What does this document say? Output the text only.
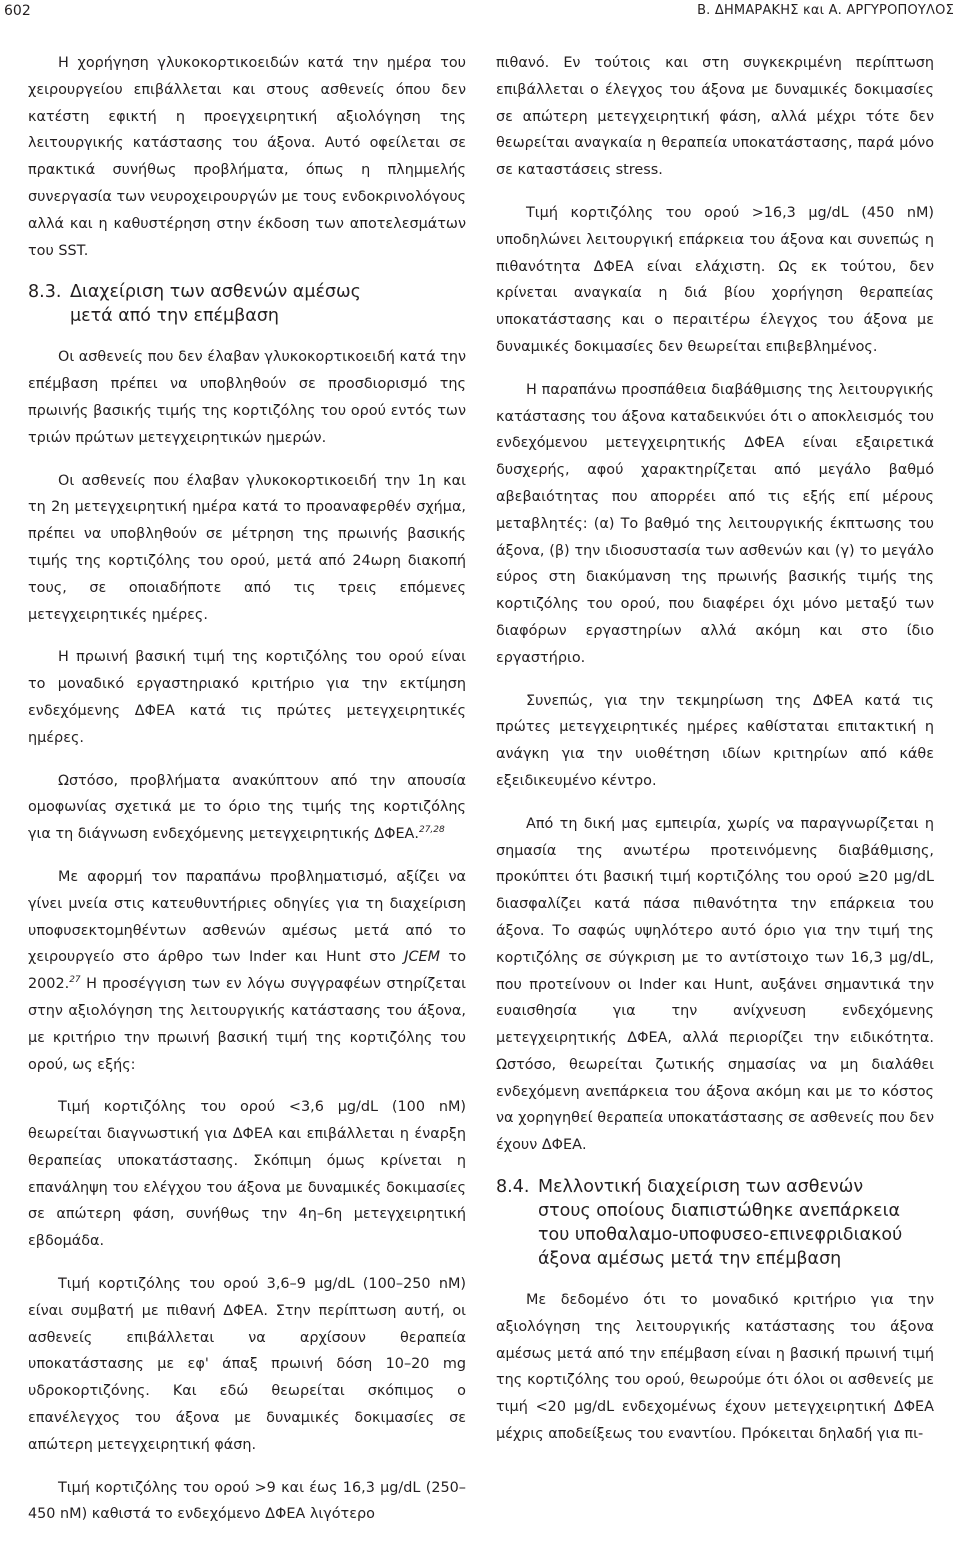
602	Β. ΔΗΜΑΡΑΚΗΣ και Α. ΑΡΓΥΡΟΠΟΥΛΟΣ

Η χορήγηση γλυκοκορτικοειδών κατά την ημέρα του χειρουργείου επιβάλλεται και στους ασθενείς όπου δεν κατέστη εφικτή η προεγχειρητική αξιολόγηση της λειτουργικής κατάστασης του άξονα. Αυτό οφείλεται σε πρακτικά συνήθως προβλήματα, όπως η πλημμελής συνεργασία των νευροχειρουργών με τους ενδοκρινολόγους αλλά και η καθυστέρηση στην έκδοση των αποτελεσμάτων του SST.

8.3. Διαχείριση των ασθενών αμέσως
μετά από την επέμβαση

Οι ασθενείς που δεν έλαβαν γλυκοκορτικοειδή κατά την επέμβαση πρέπει να υποβληθούν σε προσδιορισμό της πρωινής βασικής τιμής της κορτιζόλης του ορού εντός των τριών πρώτων μετεγχειρητικών ημερών.

Οι ασθενείς που έλαβαν γλυκοκορτικοειδή την 1η και τη 2η μετεγχειρητική ημέρα κατά το προαναφερθέν σχήμα, πρέπει να υποβληθούν σε μέτρηση της πρωινής βασικής τιμής της κορτιζόλης του ορού, μετά από 24ωρη διακοπή τους, σε οποιαδήποτε από τις τρεις επόμενες μετεγχειρητικές ημέρες.

Η πρωινή βασική τιμή της κορτιζόλης του ορού είναι το μοναδικό εργαστηριακό κριτήριο για την εκτίμηση ενδεχόμενης ΔΦΕΑ κατά τις πρώτες μετεγχειρητικές ημέρες.

Ωστόσο, προβλήματα ανακύπτουν από την απουσία ομοφωνίας σχετικά με το όριο της τιμής της κορτιζόλης για τη διάγνωση ενδεχόμενης μετεγχειρητικής ΔΦΕΑ.$^{27,28}$

Με αφορμή τον παραπάνω προβληματισμό, αξίζει να γίνει μνεία στις κατευθυντήριες οδηγίες για τη διαχείριση υποφυσεκτομηθέντων ασθενών αμέσως μετά από το χειρουργείο στο άρθρο των Inder και Hunt στο JCEM το 2002.27 Η προσέγγιση των εν λόγω συγγραφέων στηρίζεται στην αξιολόγηση της λειτουργικής κατάστασης του άξονα, με κριτήριο την πρωινή βασική τιμή της κορτιζόλης του ορού, ως εξής:

Τιμή κορτιζόλης του ορού <3,6 μg/dL (100 nM) θεωρείται διαγνωστική για ΔΦΕΑ και επιβάλλεται η έναρξη θεραπείας υποκατάστασης. Σκόπιμη όμως κρίνεται η επανάληψη του ελέγχου του άξονα με δυναμικές δοκιμασίες σε απώτερη φάση, συνήθως την 4η–6η μετεγχειρητική εβδομάδα.

Τιμή κορτιζόλης του ορού 3,6–9 μg/dL (100–250 nM) είναι συμβατή με πιθανή ΔΦΕΑ. Στην περίπτωση αυτή, οι ασθενείς επιβάλλεται να αρχίσουν θεραπεία υποκατάστασης με εφ' άπαξ πρωινή δόση 10–20 mg υδροκορτιζόνης. Και εδώ θεωρείται σκόπιμος ο επανέλεγχος του άξονα με δυναμικές δοκιμασίες σε απώτερη μετεγχειρητική φάση.

Τιμή κορτιζόλης του ορού >9 και έως 16,3 μg/dL (250–450 nM) καθιστά το ενδεχόμενο ΔΦΕΑ λιγότερο

πιθανό. Εν τούτοις και στη συγκεκριμένη περίπτωση επιβάλλεται ο έλεγχος του άξονα με δυναμικές δοκιμασίες σε απώτερη μετεγχειρητική φάση, αλλά μέχρι τότε δεν θεωρείται αναγκαία η θεραπεία υποκατάστασης, παρά μόνο σε καταστάσεις stress.

Τιμή κορτιζόλης του ορού >16,3 μg/dL (450 nM) υποδηλώνει λειτουργική επάρκεια του άξονα και συνεπώς η πιθανότητα ΔΦΕΑ είναι ελάχιστη. Ως εκ τούτου, δεν κρίνεται αναγκαία η διά βίου χορήγηση θεραπείας υποκατάστασης και ο περαιτέρω έλεγχος του άξονα με δυναμικές δοκιμασίες δεν θεωρείται επιβεβλημένος.

Η παραπάνω προσπάθεια διαβάθμισης της λειτουργικής κατάστασης του άξονα καταδεικνύει ότι ο αποκλεισμός του ενδεχόμενου μετεγχειρητικής ΔΦΕΑ είναι εξαιρετικά δυσχερής, αφού χαρακτηρίζεται από μεγάλο βαθμό αβεβαιότητας που απορρέει από τις εξής επί μέρους μεταβλητές: (α) Το βαθμό της λειτουργικής έκπτωσης του άξονα, (β) την ιδιοσυστασία των ασθενών και (γ) το μεγάλο εύρος στη διακύμανση της πρωινής βασικής τιμής της κορτιζόλης του ορού, που διαφέρει όχι μόνο μεταξύ των διαφόρων εργαστηρίων αλλά ακόμη και στο ίδιο εργαστήριο.

Συνεπώς, για την τεκμηρίωση της ΔΦΕΑ κατά τις πρώτες μετεγχειρητικές ημέρες καθίσταται επιτακτική η ανάγκη για την υιοθέτηση ιδίων κριτηρίων από κάθε εξειδικευμένο κέντρο.

Από τη δική μας εμπειρία, χωρίς να παραγνωρίζεται η σημασία της ανωτέρω προτεινόμενης διαβάθμισης, προκύπτει ότι βασική τιμή κορτιζόλης του ορού ≥20 μg/dL διασφαλίζει κατά πάσα πιθανότητα την επάρκεια του άξονα. Το σαφώς υψηλότερο αυτό όριο για την τιμή της κορτιζόλης σε σύγκριση με το αντίστοιχο των 16,3 μg/dL, που προτείνουν οι Inder και Hunt, αυξάνει σημαντικά την ευαισθησία για την ανίχνευση ενδεχόμενης μετεγχειρητικής ΔΦΕΑ, αλλά περιορίζει την ειδικότητα. Ωστόσο, θεωρείται ζωτικής σημασίας να μη διαλάθει ενδεχόμενη ανεπάρκεια του άξονα ακόμη και με το κόστος να χορηγηθεί θεραπεία υποκατάστασης σε ασθενείς που δεν έχουν ΔΦΕΑ.

8.4. Μελλοντική διαχείριση των ασθενών
στους οποίους διαπιστώθηκε ανεπάρκεια
του υποθαλαμο-υποφυσεο-επινεφριδιακού
άξονα αμέσως μετά την επέμβαση

Με δεδομένο ότι το μοναδικό κριτήριο για την αξιολόγηση της λειτουργικής κατάστασης του άξονα αμέσως μετά από την επέμβαση είναι η βασική πρωινή τιμή της κορτιζόλης του ορού, θεωρούμε ότι όλοι οι ασθενείς με τιμή <20 μg/dL ενδεχομένως έχουν μετεγχειρητική ΔΦΕΑ μέχρις αποδείξεως του εναντίου. Πρόκειται δηλαδή για πι-
